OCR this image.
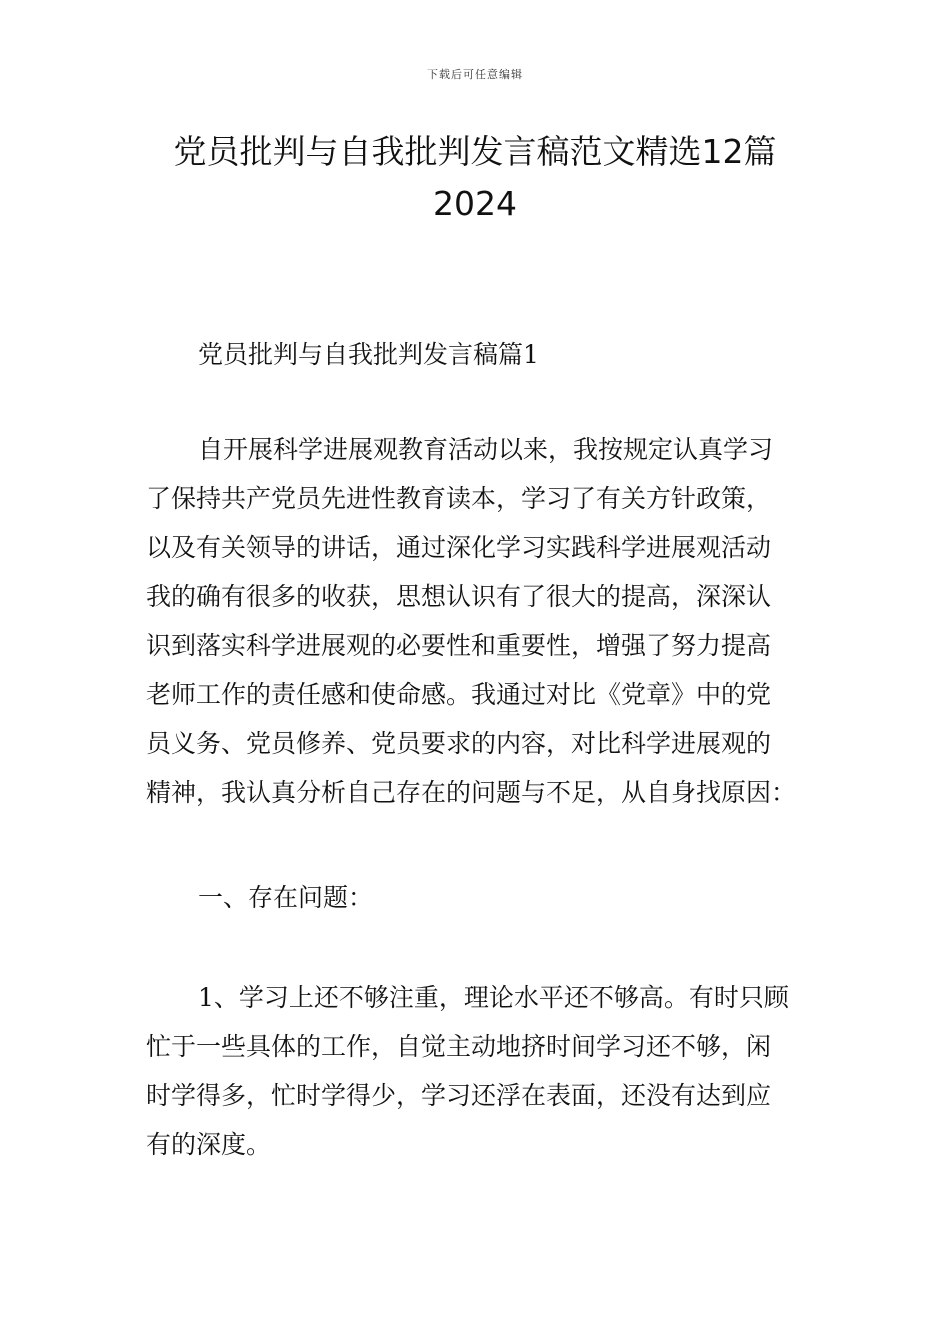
下载后可任意编辑
党员批判与自我批判发言稿范文精选12篇
2024

党员批判与自我批判发言稿篇1

自开展科学进展观教育活动以来，我按规定认真学习
了保持共产党员先进性教育读本，学习了有关方针政策，
以及有关领导的讲话，通过深化学习实践科学进展观活动
我的确有很多的收获，思想认识有了很大的提高，深深认
识到落实科学进展观的必要性和重要性，增强了努力提高
老师工作的责任感和使命感。我通过对比《党章》中的党
员义务、党员修养、党员要求的内容，对比科学进展观的
精神，我认真分析自己存在的问题与不足，从自身找原因：

一、存在问题：

1、学习上还不够注重，理论水平还不够高。有时只顾
忙于一些具体的工作，自觉主动地挤时间学习还不够，闲
时学得多，忙时学得少，学习还浮在表面，还没有达到应
有的深度。
